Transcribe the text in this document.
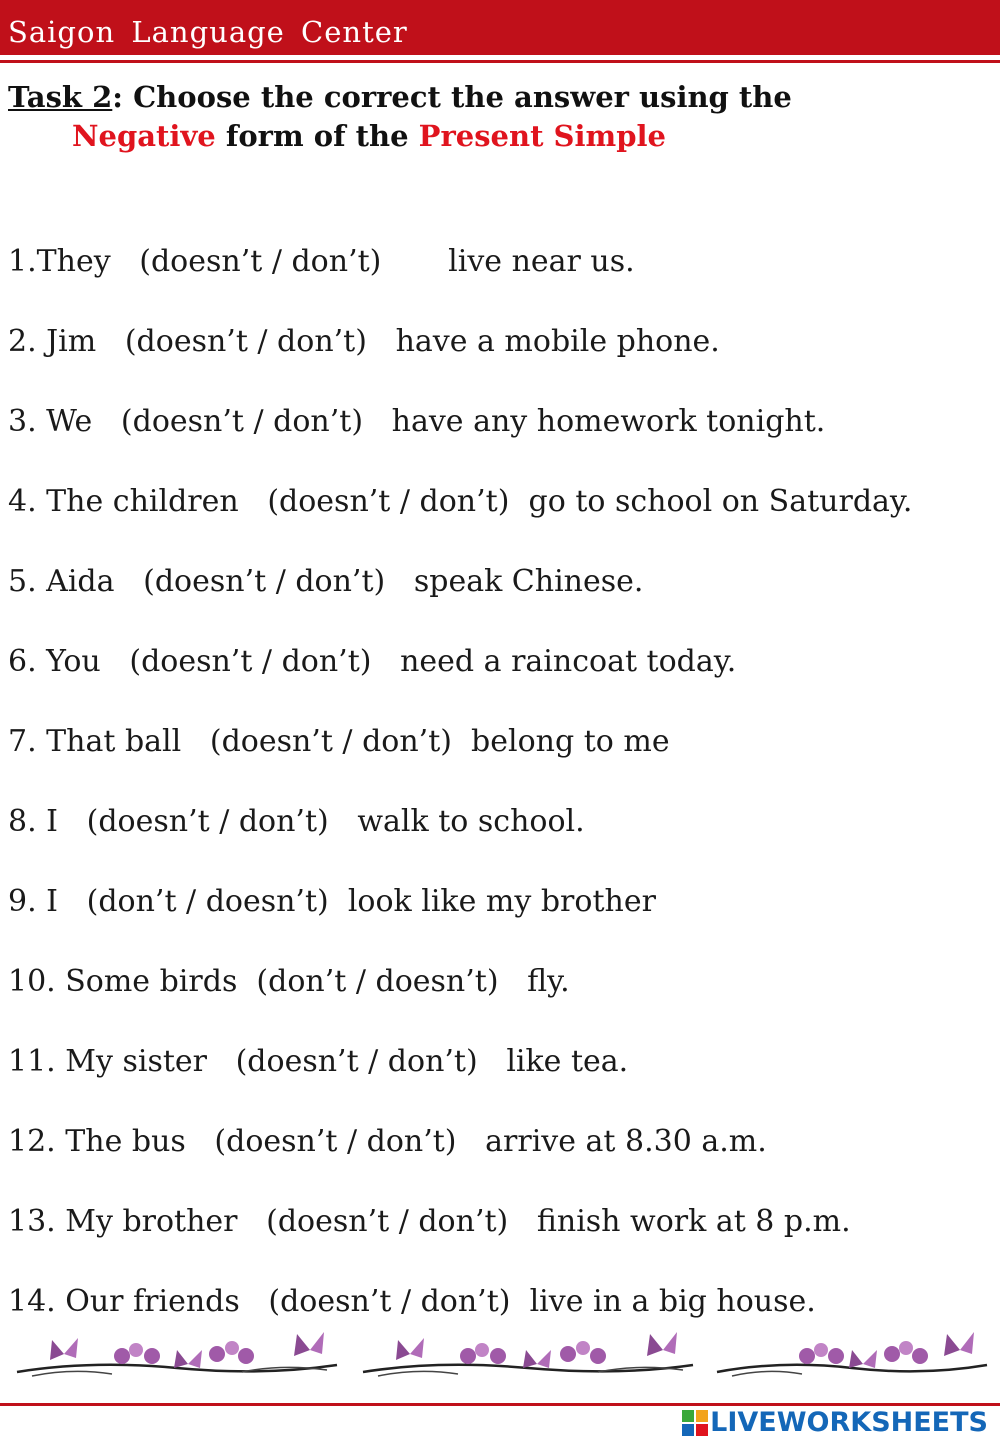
Saigon Language Center
Task 2: Choose the correct the answer using the
Negative form of the Present Simple
1.They (doesn’t / don’t) live near us.
2. Jim (doesn’t / don’t) have a mobile phone.
3. We (doesn’t / don’t) have any homework tonight.
4. The children (doesn’t / don’t) go to school on Saturday.
5. Aida (doesn’t / don’t) speak Chinese.
6. You (doesn’t / don’t) need a raincoat today.
7. That ball (doesn’t / don’t) belong to me
8. I (doesn’t / don’t) walk to school.
9. I (don’t / doesn’t) look like my brother
10. Some birds (don’t / doesn’t) fly.
11. My sister (doesn’t / don’t) like tea.
12. The bus (doesn’t / don’t) arrive at 8.30 a.m.
13. My brother (doesn’t / don’t) finish work at 8 p.m.
14. Our friends (doesn’t / don’t) live in a big house.
LIVEWORKSHEETS
